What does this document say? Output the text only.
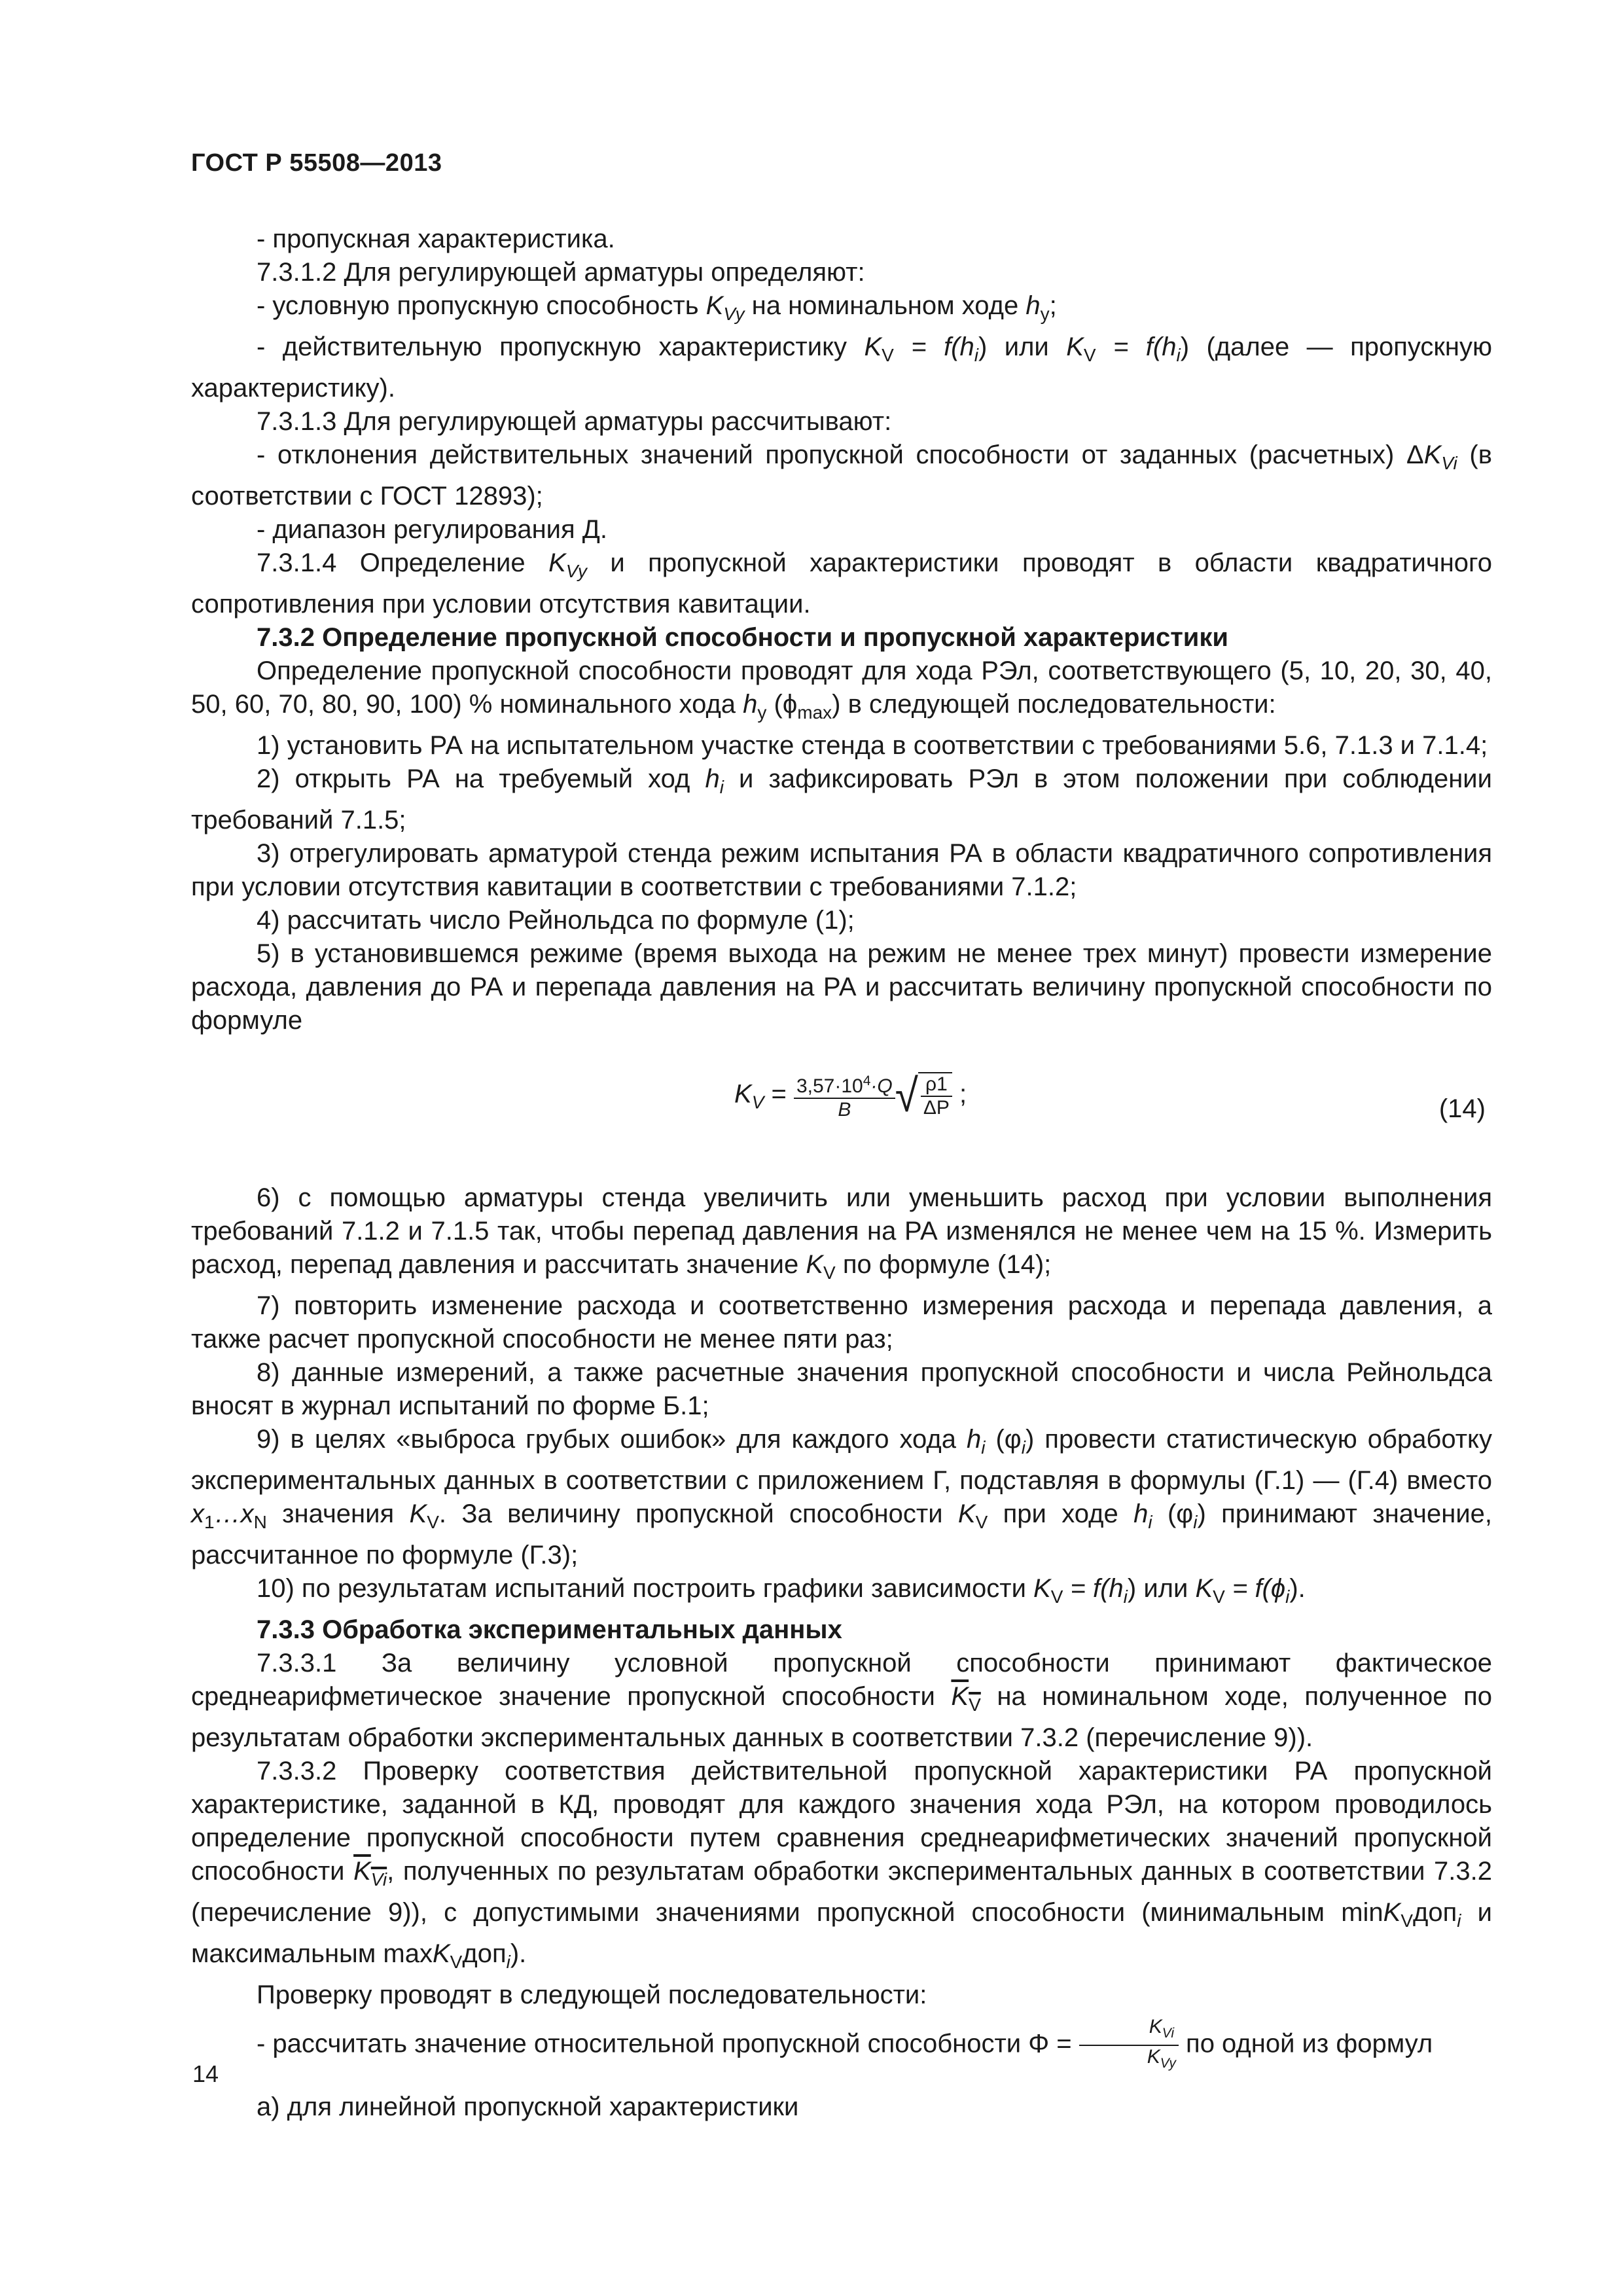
ГОСТ Р 55508—2013

- пропускная характеристика.

7.3.1.2 Для регулирующей арматуры определяют:

- условную пропускную способность $K_{Vy}$ на номинальном ходе $h_y$;

- действительную пропускную характеристику $K_V = f(h_i)$ или $K_V = f(h_i)$ (далее — пропускную характеристику).

7.3.1.3 Для регулирующей арматуры рассчитывают:

- отклонения действительных значений пропускной способности от заданных (расчетных) $\Delta K_{Vi}$ (в соответствии с ГОСТ 12893);

- диапазон регулирования Д.

7.3.1.4 Определение $K_{Vy}$ и пропускной характеристики проводят в области квадратичного сопротивления при условии отсутствия кавитации.

7.3.2 Определение пропускной способности и пропускной характеристики

Определение пропускной способности проводят для хода РЭл, соответствующего (5, 10, 20, 30, 40, 50, 60, 70, 80, 90, 100) % номинального хода $h_y$ $(\phi_{max})$ в следующей последовательности:

1) установить РА на испытательном участке стенда в соответствии с требованиями 5.6, 7.1.3 и 7.1.4;

2) открыть РА на требуемый ход $h_i$ и зафиксировать РЭл в этом положении при соблюдении требований 7.1.5;

3) отрегулировать арматурой стенда режим испытания РА в области квадратичного сопротивления при условии отсутствия кавитации в соответствии с требованиями 7.1.2;

4) рассчитать число Рейнольдса по формуле (1);

5) в установившемся режиме (время выхода на режим не менее трех минут) провести измерение расхода, давления до РА и перепада давления на РА и рассчитать величину пропускной способности по формуле

$K_V = \frac{3,57\cdot 10^4\cdot Q}{B}$ √ $\frac{\rho 1}{\Delta P}$ ;
(14)

6) с помощью арматуры стенда увеличить или уменьшить расход при условии выполнения требований 7.1.2 и 7.1.5 так, чтобы перепад давления на РА изменялся не менее чем на 15 %. Измерить расход, перепад давления и рассчитать значение $K_V$ по формуле (14);

7) повторить изменение расхода и соответственно измерения расхода и перепада давления, а также расчет пропускной способности не менее пяти раз;

8) данные измерений, а также расчетные значения пропускной способности и числа Рейнольдса вносят в журнал испытаний по форме Б.1;

9) в целях «выброса грубых ошибок» для каждого хода $h_i$ $(\varphi_i)$ провести статистическую обработку экспериментальных данных в соответствии с приложением Г, подставляя в формулы (Г.1) — (Г.4) вместо $x_1\dots x_N$ значения $K_V$. За величину пропускной способности $K_V$ при ходе $h_i$ $(\varphi_i)$ принимают значение, рассчитанное по формуле (Г.3);

10) по результатам испытаний построить графики зависимости $K_V = f(h_i)$ или $K_V = f(\phi_i)$.

7.3.3 Обработка экспериментальных данных

7.3.3.1 За величину условной пропускной способности принимают фактическое среднеарифметическое значение пропускной способности $K_V$ на номинальном ходе, полученное по результатам обработки экспериментальных данных в соответствии 7.3.2 (перечисление 9)).

7.3.3.2 Проверку соответствия действительной пропускной характеристики РА пропускной характеристике, заданной в КД, проводят для каждого значения хода РЭл, на котором проводилось определение пропускной способности путем сравнения среднеарифметических значений пропускной способности $K_{Vi}$, полученных по результатам обработки экспериментальных данных в соответствии 7.3.2 (перечисление 9)), с допустимыми значениями пропускной способности (минимальным minK$_V$доп$_i$ и максимальным maxK$_V$доп$_i$).

Проверку проводят в следующей последовательности:

- рассчитать значение относительной пропускной способности $\Phi = \frac{K_{Vi}}{K_{Vy}}$ по одной из формул

а) для линейной пропускной характеристики

14
